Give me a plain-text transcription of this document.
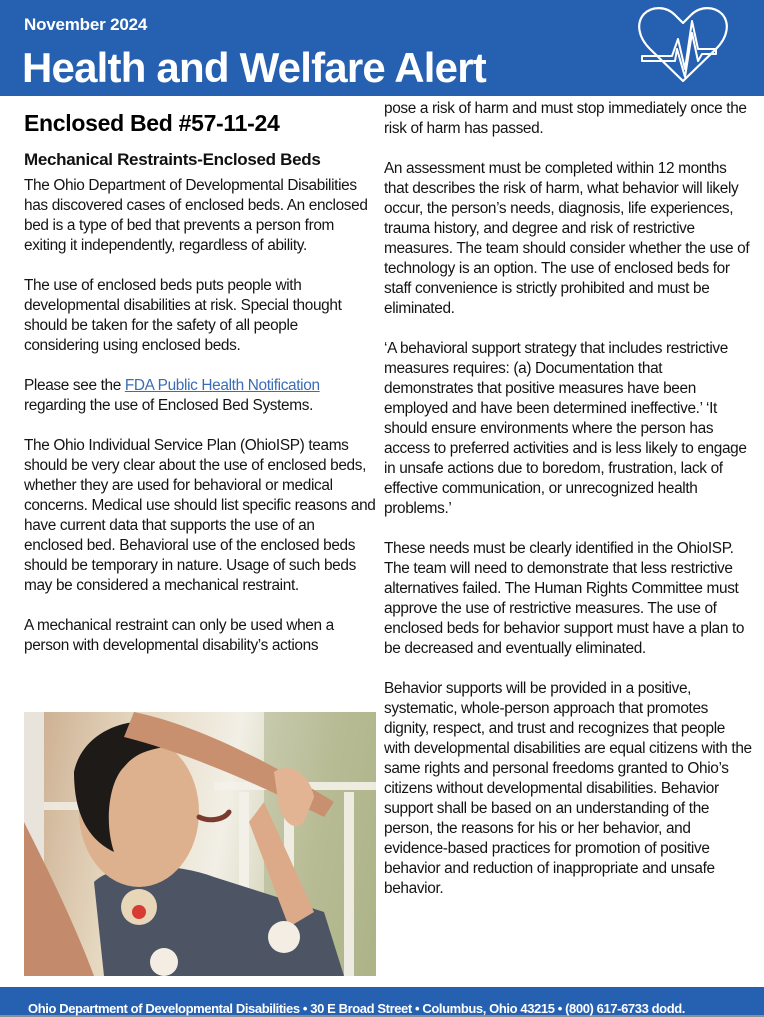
November 2024
Health and Welfare Alert
Enclosed Bed #57-11-24
Mechanical Restraints-Enclosed Beds

The Ohio Department of Developmental Disabilities has discovered cases of enclosed beds. An enclosed bed is a type of bed that prevents a person from exiting it independently, regardless of ability.

The use of enclosed beds puts people with developmental disabilities at risk. Special thought should be taken for the safety of all people considering using enclosed beds.

Please see the FDA Public Health Notification regarding the use of Enclosed Bed Systems.

The Ohio Individual Service Plan (OhioISP) teams should be very clear about the use of enclosed beds, whether they are used for behavioral or medical concerns. Medical use should list specific reasons and have current data that supports the use of an enclosed bed. Behavioral use of the enclosed beds should be temporary in nature. Usage of such beds may be considered a mechanical restraint.

A mechanical restraint can only be used when a person with developmental disability’s actions

pose a risk of harm and must stop immediately once the risk of harm has passed.

An assessment must be completed within 12 months that describes the risk of harm, what behavior will likely occur, the person’s needs, diagnosis, life experiences, trauma history, and degree and risk of restrictive measures. The team should consider whether the use of technology is an option. The use of enclosed beds for staff convenience is strictly prohibited and must be eliminated.

‘A behavioral support strategy that includes restrictive measures requires: (a) Documentation that demonstrates that positive measures have been employed and have been determined ineffective.’ ‘It should ensure environments where the person has access to preferred activities and is less likely to engage in unsafe actions due to boredom, frustration, lack of effective communication, or unrecognized health problems.’

These needs must be clearly identified in the OhioISP. The team will need to demonstrate that less restrictive alternatives failed. The Human Rights Committee must approve the use of restrictive measures. The use of enclosed beds for behavior support must have a plan to be decreased and eventually eliminated.

Behavior supports will be provided in a positive, systematic, whole-person approach that promotes dignity, respect, and trust and recognizes that people with developmental disabilities are equal citizens with the same rights and personal freedoms granted to Ohio’s citizens without developmental disabilities. Behavior support shall be based on an understanding of the person, the reasons for his or her behavior, and evidence-based practices for promotion of positive behavior and reduction of inappropriate and unsafe behavior.

Ohio Department of Developmental Disabilities • 30 E Broad Street • Columbus, Ohio 43215 • (800) 617-6733 dodd.
